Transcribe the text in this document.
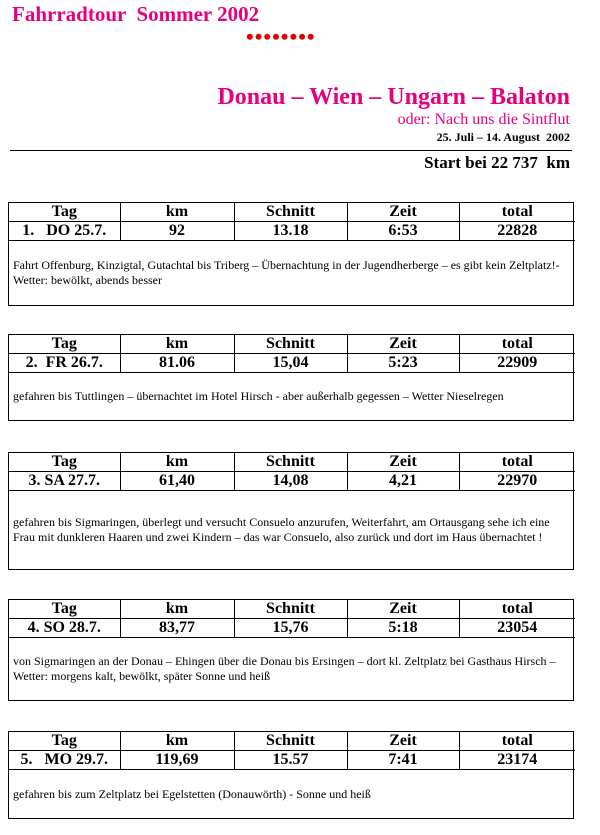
Fahrradtour  Sommer 2002
••••••••
Donau – Wien – Ungarn – Balaton
oder: Nach uns die Sintflut
25. Juli – 14. August  2002
Start bei 22 737  km
Tag	km	Schnitt	Zeit	total
1.   DO 25.7.	92	13.18	6:53	22828
Fahrt Offenburg, Kinzigtal, Gutachtal bis Triberg – Übernachtung in der Jugendherberge – es gibt kein Zeltplatz!- Wetter: bewölkt, abends besser
Tag	km	Schnitt	Zeit	total
2.  FR 26.7.	81.06	15,04	5:23	22909
gefahren bis Tuttlingen – übernachtet im Hotel Hirsch - aber außerhalb gegessen – Wetter Nieselregen
Tag	km	Schnitt	Zeit	total
3. SA 27.7.	61,40	14,08	4,21	22970
gefahren bis Sigmaringen, überlegt und versucht Consuelo anzurufen, Weiterfahrt, am Ortausgang sehe ich eine Frau mit dunkleren Haaren und zwei Kindern – das war Consuelo, also zurück und dort im Haus übernachtet !
Tag	km	Schnitt	Zeit	total
4. SO 28.7.	83,77	15,76	5:18	23054
von Sigmaringen an der Donau – Ehingen über die Donau bis Ersingen – dort kl. Zeltplatz bei Gasthaus Hirsch – Wetter: morgens kalt, bewölkt, später Sonne und heiß
Tag	km	Schnitt	Zeit	total
5.   MO 29.7.	119,69	15.57	7:41	23174
gefahren bis zum Zeltplatz bei Egelstetten (Donauwörth) - Sonne und heiß
